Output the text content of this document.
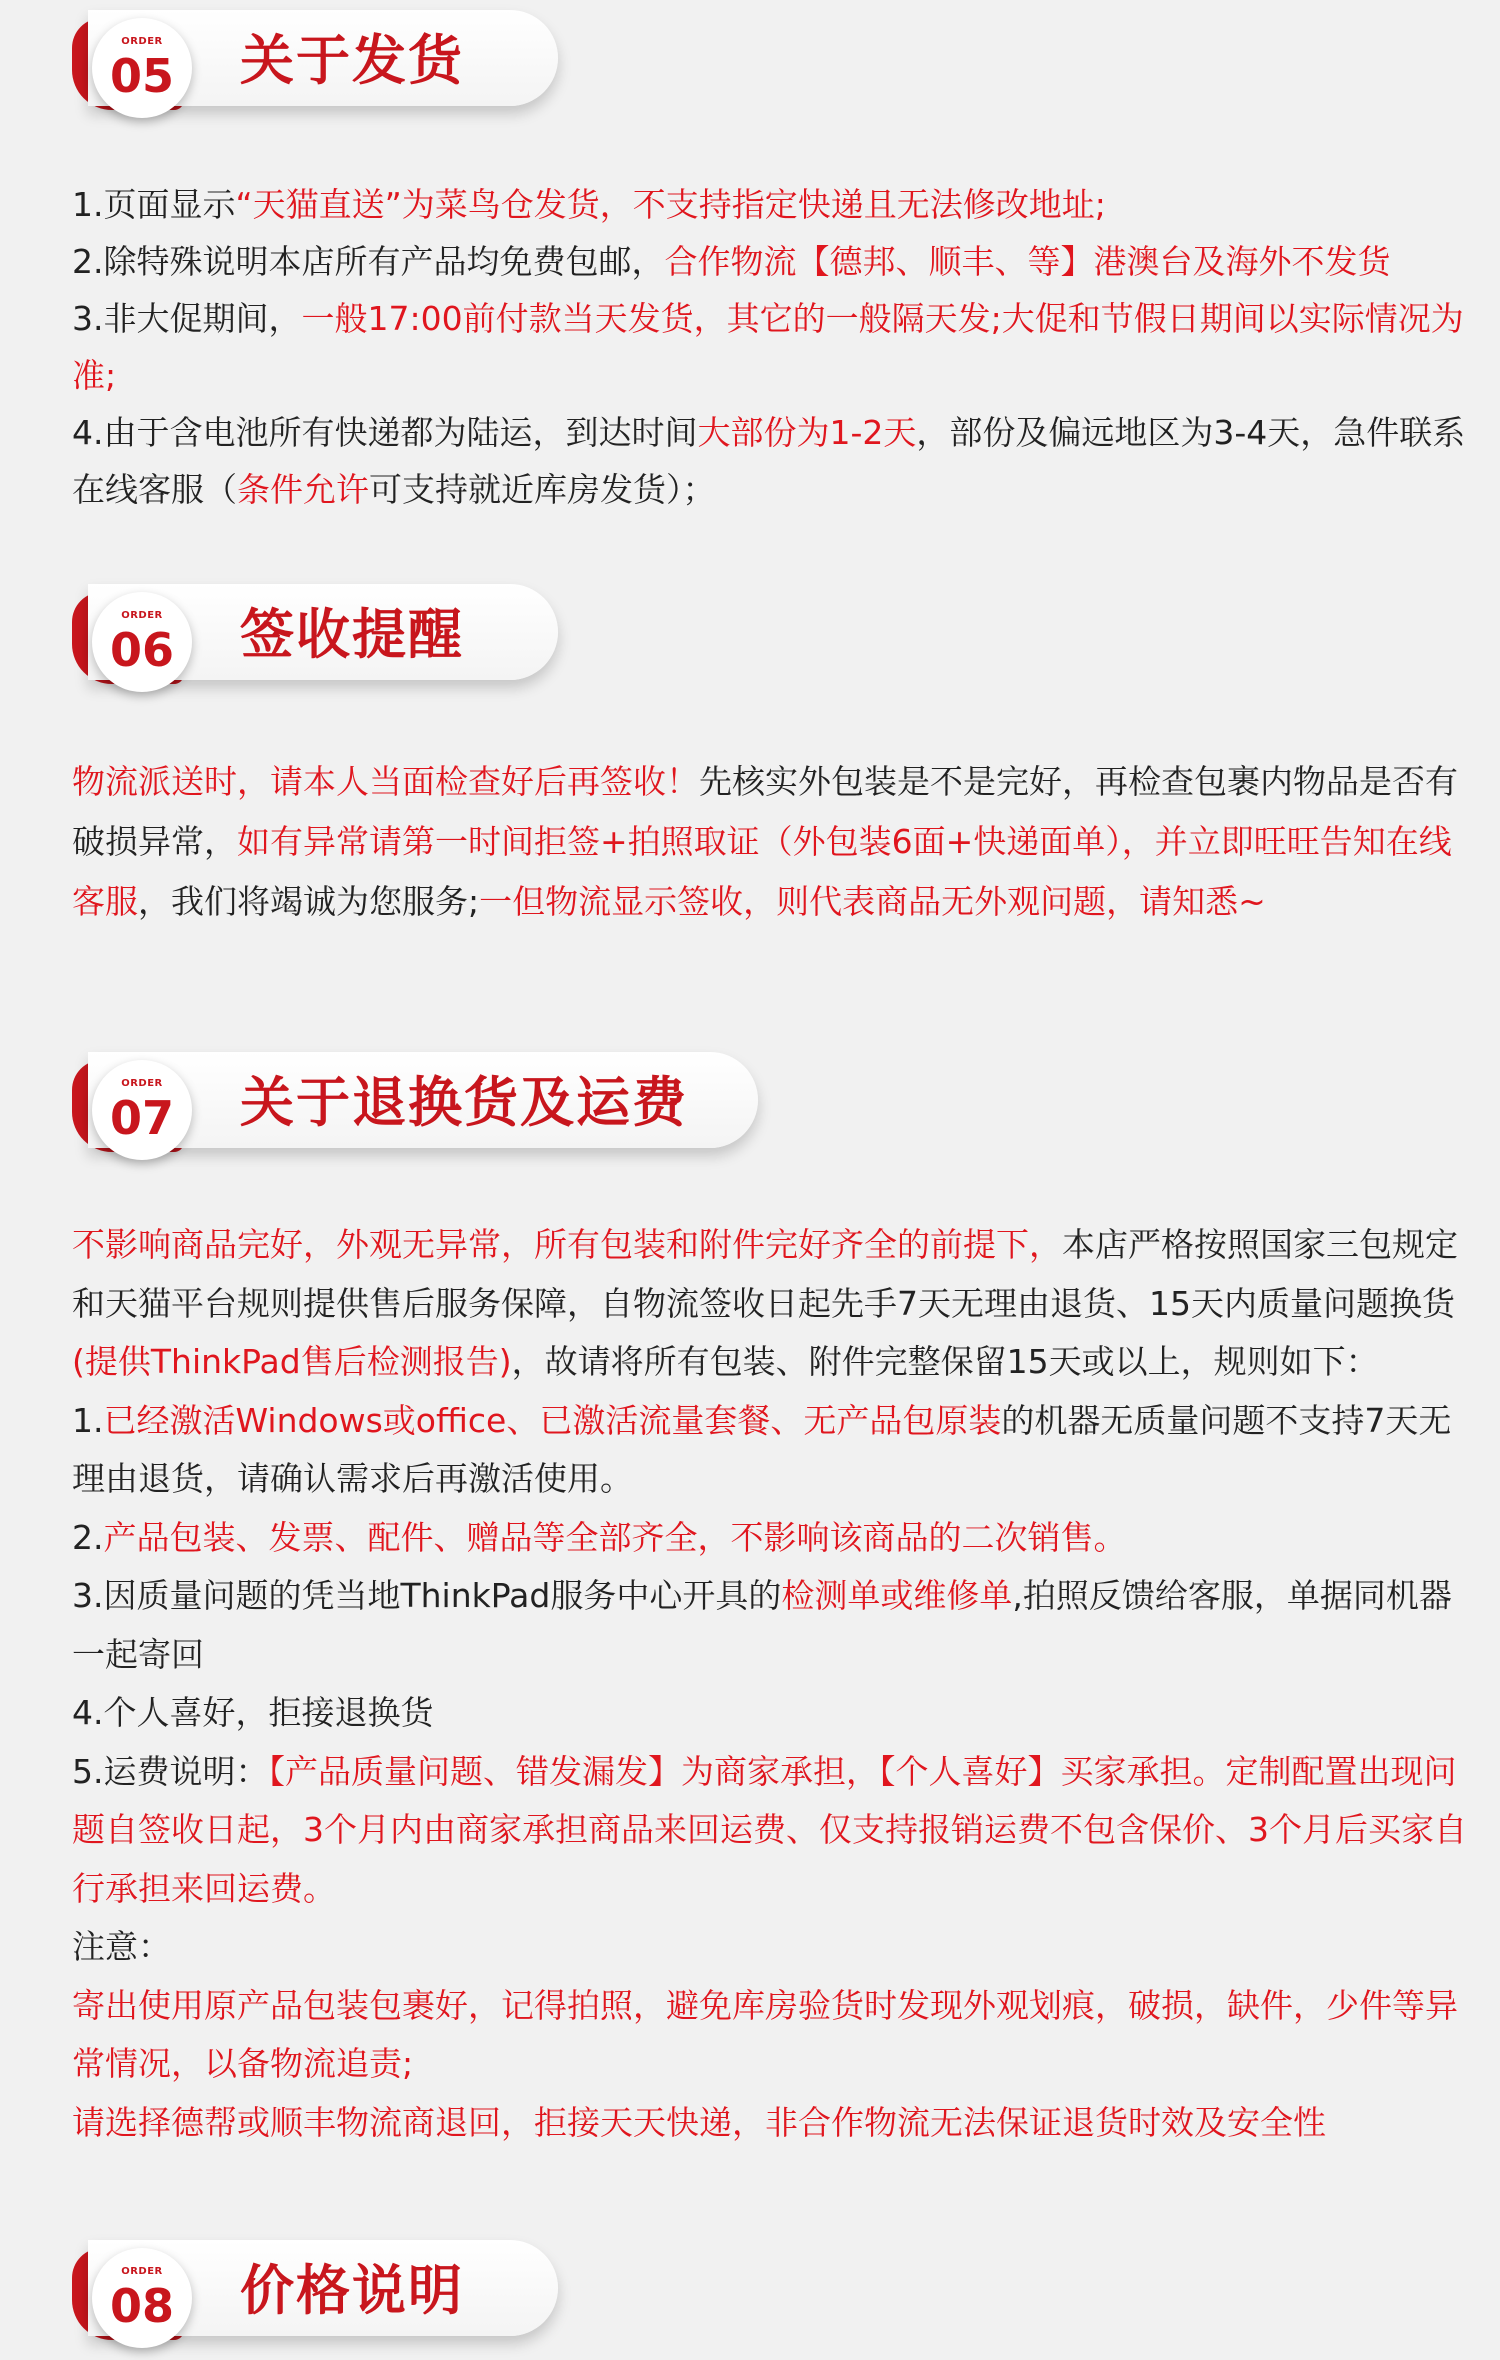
ORDER
05	关于发货

1.页面显示“天猫直送”为菜鸟仓发货，不支持指定快递且无法修改地址;

2.除特殊说明本店所有产品均免费包邮，合作物流【德邦、顺丰、等】港澳台及海外不发货

3.非大促期间，一般17:00前付款当天发货，其它的一般隔天发;大促和节假日期间以实际情况为准;

4.由于含电池所有快递都为陆运，到达时间大部份为1-2天，部份及偏远地区为3-4天，急件联系在线客服（条件允许可支持就近库房发货）；

ORDER
06	签收提醒

物流派送时，请本人当面检查好后再签收！先核实外包装是不是完好，再检查包裹内物品是否有破损异常，如有异常请第一时间拒签+拍照取证（外包装6面+快递面单），并立即旺旺告知在线客服，我们将竭诚为您服务;一但物流显示签收，则代表商品无外观问题，请知悉~

ORDER
07	关于退换货及运费

不影响商品完好，外观无异常，所有包装和附件完好齐全的前提下，本店严格按照国家三包规定和天猫平台规则提供售后服务保障，自物流签收日起先手7天无理由退货、15天内质量问题换货(提供ThinkPad售后检测报告)，故请将所有包装、附件完整保留15天或以上，规则如下：

1.已经激活Windows或office、已激活流量套餐、无产品包原装的机器无质量问题不支持7天无理由退货，请确认需求后再激活使用。

2.产品包装、发票、配件、赠品等全部齐全，不影响该商品的二次销售。

3.因质量问题的凭当地ThinkPad服务中心开具的检测单或维修单,拍照反馈给客服，单据同机器一起寄回

4.个人喜好，拒接退换货

5.运费说明：【产品质量问题、错发漏发】为商家承担，【个人喜好】买家承担。定制配置出现问题自签收日起，3个月内由商家承担商品来回运费、仅支持报销运费不包含保价、3个月后买家自行承担来回运费。

注意：

寄出使用原产品包装包裹好，记得拍照，避免库房验货时发现外观划痕，破损，缺件，少件等异常情况，以备物流追责;

请选择德帮或顺丰物流商退回，拒接天天快递，非合作物流无法保证退货时效及安全性

ORDER
08	价格说明
